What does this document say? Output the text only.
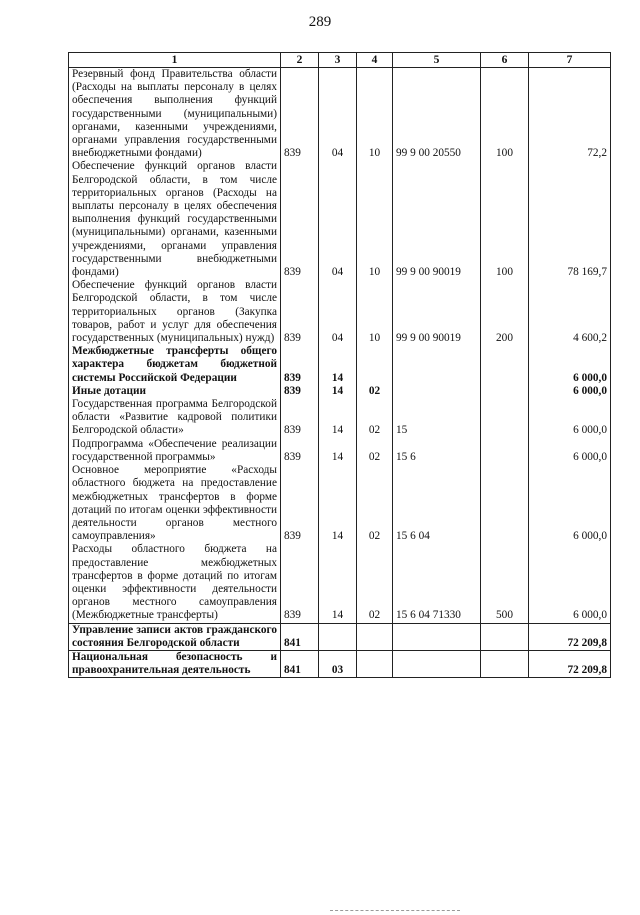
289
1	2	3	4	5	6	7
Резервный фонд Правительства области (Расходы на выплаты персоналу в целях обеспечения выполнения функций государственными (муниципальными) органами, казенными учреждениями, органами управления государственными внебюджетными фондами)	839	04	10	99 9 00 20550	100	72,2
Обеспечение функций органов власти Белгородской области, в том числе территориальных органов (Расходы на выплаты персоналу в целях обеспечения выполнения функций государственными (муниципальными) органами, казенными учреждениями, органами управления государственными внебюджетными фондами)	839	04	10	99 9 00 90019	100	78 169,7
Обеспечение функций органов власти Белгородской области, в том числе территориальных органов (Закупка товаров, работ и услуг для обеспечения государственных (муниципальных) нужд)	839	04	10	99 9 00 90019	200	4 600,2
Межбюджетные трансферты общего характера бюджетам бюджетной системы Российской Федерации	839	14				6 000,0
Иные дотации	839	14	02			6 000,0
Государственная программа Белгородской области «Развитие кадровой политики Белгородской области»	839	14	02	15		6 000,0
Подпрограмма «Обеспечение реализации государственной программы»	839	14	02	15 6		6 000,0
Основное мероприятие «Расходы областного бюджета на предоставление межбюджетных трансфертов в форме дотаций по итогам оценки эффективности деятельности органов местного самоуправления»	839	14	02	15 6 04		6 000,0
Расходы областного бюджета на предоставление межбюджетных трансфертов в форме дотаций по итогам оценки эффективности деятельности органов местного самоуправления (Межбюджетные трансферты)	839	14	02	15 6 04 71330	500	6 000,0
Управление записи актов гражданского состояния Белгородской области	841					72 209,8
Национальная безопасность и правоохранительная деятельность	841	03				72 209,8
